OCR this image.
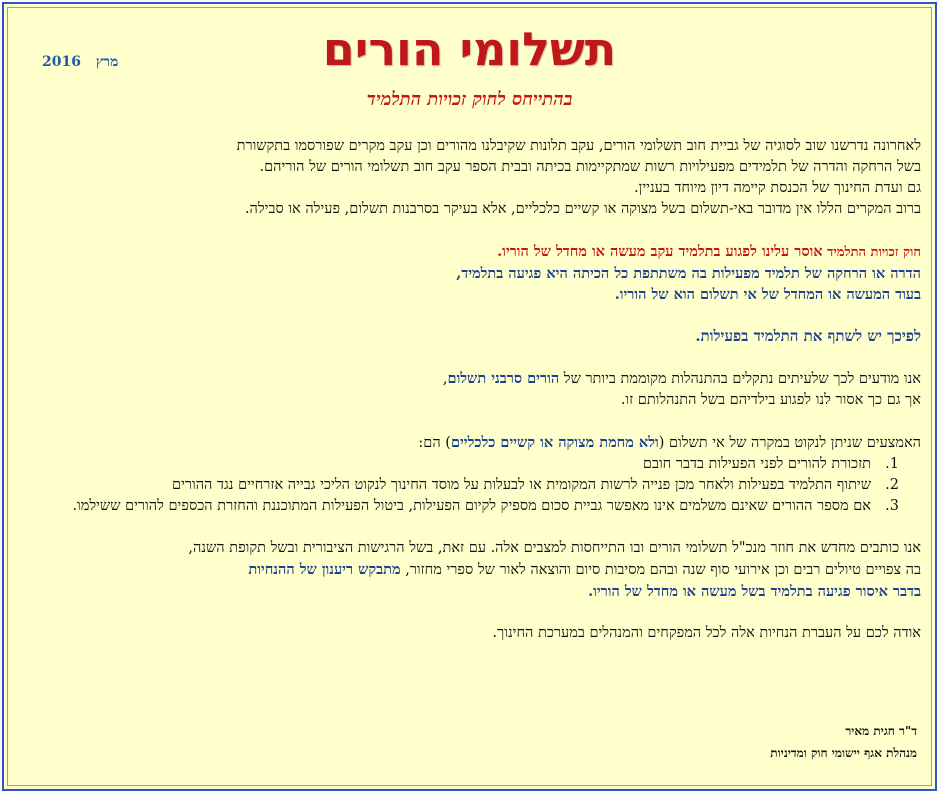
תשלומי הורים
בהתייחס לחוק זכויות התלמיד
2016 מרץ

לאחרונה נדרשנו שוב לסוגיה של גביית חוב תשלומי הורים, עקב תלונות שקיבלנו מהורים וכן עקב מקרים שפורסמו בתקשורת

בשל הרחקה והדרה של תלמידים מפעילויות רשות שמתקיימות בכיתה ובבית הספר עקב חוב תשלומי הורים של הוריהם.

גם ועדת החינוך של הכנסת קיימה דיון מיוחד בעניין.

ברוב המקרים הללו אין מדובר באי-תשלום בשל מצוקה או קשיים כלכליים, אלא בעיקר בסרבנות תשלום, פעילה או סבילה.

חוק זכויות התלמיד אוסר עלינו לפגוע בתלמיד עקב מעשה או מחדל של הוריו.

הדרה או הרחקה של תלמיד מפעילות בה משתתפת כל הכיתה היא פגיעה בתלמיד,

בעוד המעשה או המחדל של אי תשלום הוא של הוריו.

לפיכך יש לשתף את התלמיד בפעילות.

אנו מודעים לכך שלעיתים נתקלים בהתנהלות מקוממת ביותר של הורים סרבני תשלום,

אך גם כך אסור לנו לפגוע בילדיהם בשל התנהלותם זו.

האמצעים שניתן לנקוט במקרה של אי תשלום (ולא מחמת מצוקה או קשיים כלכליים) הם:

1.
תזכורת להורים לפני הפעילות בדבר חובם
2.
שיתוף התלמיד בפעילות ולאחר מכן פנייה לרשות המקומית או לבעלות על מוסד החינוך לנקוט הליכי גבייה אזרחיים נגד ההורים
3.
אם מספר ההורים שאינם משלמים אינו מאפשר גביית סכום מספיק לקיום הפעילות, ביטול הפעילות המתוכננת והחזרת הכספים להורים ששילמו.

אנו כותבים מחדש את חוזר מנכ"ל תשלומי הורים ובו התייחסות למצבים אלה. עם זאת, בשל הרגישות הציבורית ובשל תקופת השנה,

בה צפויים טיולים רבים וכן אירועי סוף שנה ובהם מסיבות סיום והוצאה לאור של ספרי מחזור, מתבקש ריענון של ההנחיות

בדבר איסור פגיעה בתלמיד בשל מעשה או מחדל של הוריו.

אודה לכם על העברת הנחיות אלה לכל המפקחים והמנהלים במערכת החינוך.

ד"ר חגית מאיר
מנהלת אגף יישומי חוק ומדיניות
